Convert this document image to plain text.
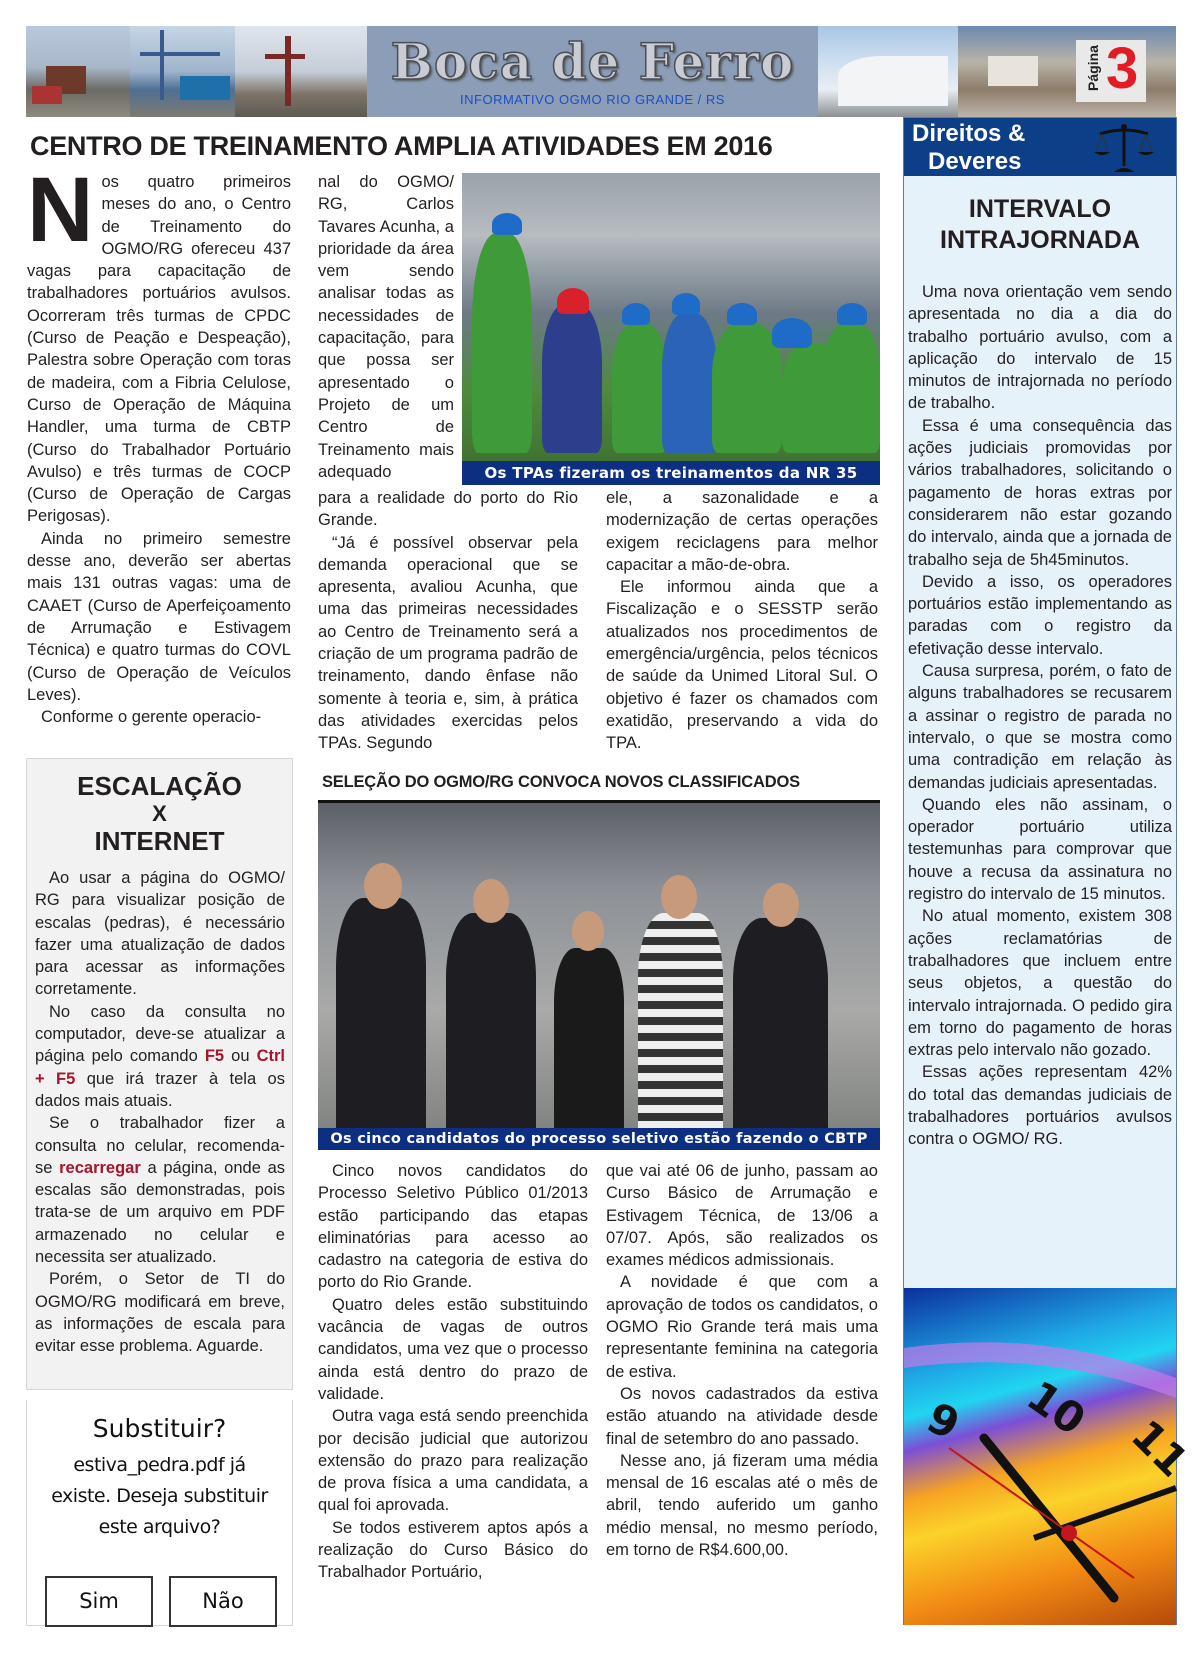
Boca de Ferro
INFORMATIVO OGMO RIO GRANDE / RS
Página 3
CENTRO DE TREINAMENTO AMPLIA ATIVIDADES EM 2016

Nos quatro primeiros meses do ano, o Centro de Treinamento do OGMO/RG ofereceu 437 vagas para capacitação de trabalhadores portuários avulsos. Ocorreram três turmas de CPDC (Curso de Peação e Despeação), Palestra sobre Operação com toras de madeira, com a Fibria Celulose, Curso de Operação de Máquina Handler, uma turma de CBTP (Curso do Trabalhador Portuário Avulso) e três turmas de COCP (Curso de Operação de Cargas Perigosas).

Ainda no primeiro semestre desse ano, deverão ser abertas mais 131 outras vagas: uma de CAAET (Curso de Aperfeiçoamento de Arrumação e Estivagem Técnica) e quatro turmas do COVL (Curso de Operação de Veículos Leves).

Conforme o gerente operacio-

nal do OGMO/ RG, Carlos Tavares Acunha, a prioridade da área vem sendo analisar todas as necessidades de capacitação, para que possa ser apresentado o Projeto de um Centro de Treinamento mais adequado	Os TPAs fizeram os treinamentos da NR 35

para a realidade do porto do Rio Grande.

“Já é possível observar pela demanda operacional que se apresenta, avaliou Acunha, que uma das primeiras necessidades ao Centro de Treinamento será a criação de um programa padrão de treinamento, dando ênfase não somente à teoria e, sim, à prática das atividades exercidas pelos TPAs. Segundo

ele, a sazonalidade e a modernização de certas operações exigem reciclagens para melhor capacitar a mão-de-obra.

Ele informou ainda que a Fiscalização e o SESSTP serão atualizados nos procedimentos de emergência/urgência, pelos técnicos de saúde da Unimed Litoral Sul. O objetivo é fazer os chamados com exatidão, preservando a vida do TPA.

ESCALAÇÃO
X
INTERNET

Ao usar a página do OGMO/ RG para visualizar posição de escalas (pedras), é necessário fazer uma atualização de dados para acessar as informações corretamente.

No caso da consulta no computador, deve-se atualizar a página pelo comando F5 ou Ctrl + F5 que irá trazer à tela os dados mais atuais.

Se o trabalhador fizer a consulta no celular, recomenda-se recarregar a página, onde as escalas são demonstradas, pois trata-se de um arquivo em PDF armazenado no celular e necessita ser atualizado.

Porém, o Setor de TI do OGMO/RG modificará em breve, as informações de escala para evitar esse problema. Aguarde.

Substituir?
estiva_pedra.pdf já
existe. Deseja substituir
este arquivo?
Sim	Não
SELEÇÃO DO OGMO/RG CONVOCA NOVOS CLASSIFICADOS
Os cinco candidatos do processo seletivo estão fazendo o CBTP

Cinco novos candidatos do Processo Seletivo Público 01/2013 estão participando das etapas eliminatórias para acesso ao cadastro na categoria de estiva do porto do Rio Grande.

Quatro deles estão substituindo vacância de vagas de outros candidatos, uma vez que o processo ainda está dentro do prazo de validade.

Outra vaga está sendo preenchida por decisão judicial que autorizou extensão do prazo para realização de prova física a uma candidata, a qual foi aprovada.

Se todos estiverem aptos após a realização do Curso Básico do Trabalhador Portuário,

que vai até 06 de junho, passam ao Curso Básico de Arrumação e Estivagem Técnica, de 13/06 a 07/07. Após, são realizados os exames médicos admissionais.

A novidade é que com a aprovação de todos os candidatos, o OGMO Rio Grande terá mais uma representante feminina na categoria de estiva.

Os novos cadastrados da estiva estão atuando na atividade desde final de setembro do ano passado.

Nesse ano, já fizeram uma média mensal de 16 escalas até o mês de abril, tendo auferido um ganho médio mensal, no mesmo período, em torno de R$4.600,00.

Direitos &
Deveres
INTERVALO
INTRAJORNADA

Uma nova orientação vem sendo apresentada no dia a dia do trabalho portuário avulso, com a aplicação do intervalo de 15 minutos de intrajornada no período de trabalho.

Essa é uma consequência das ações judiciais promovidas por vários trabalhadores, solicitando o pagamento de horas extras por considerarem não estar gozando do intervalo, ainda que a jornada de trabalho seja de 5h45minutos.

Devido a isso, os operadores portuários estão implementando as paradas com o registro da efetivação desse intervalo.

Causa surpresa, porém, o fato de alguns trabalhadores se recusarem a assinar o registro de parada no intervalo, o que se mostra como uma contradição em relação às demandas judiciais apresentadas.

Quando eles não assinam, o operador portuário utiliza testemunhas para comprovar que houve a recusa da assinatura no registro do intervalo de 15 minutos.

No atual momento, existem 308 ações reclamatórias de trabalhadores que incluem entre seus objetos, a questão do intervalo intrajornada. O pedido gira em torno do pagamento de horas extras pelo intervalo não gozado.

Essas ações representam 42% do total das demandas judiciais de trabalhadores portuários avulsos contra o OGMO/ RG.

9 10
11
